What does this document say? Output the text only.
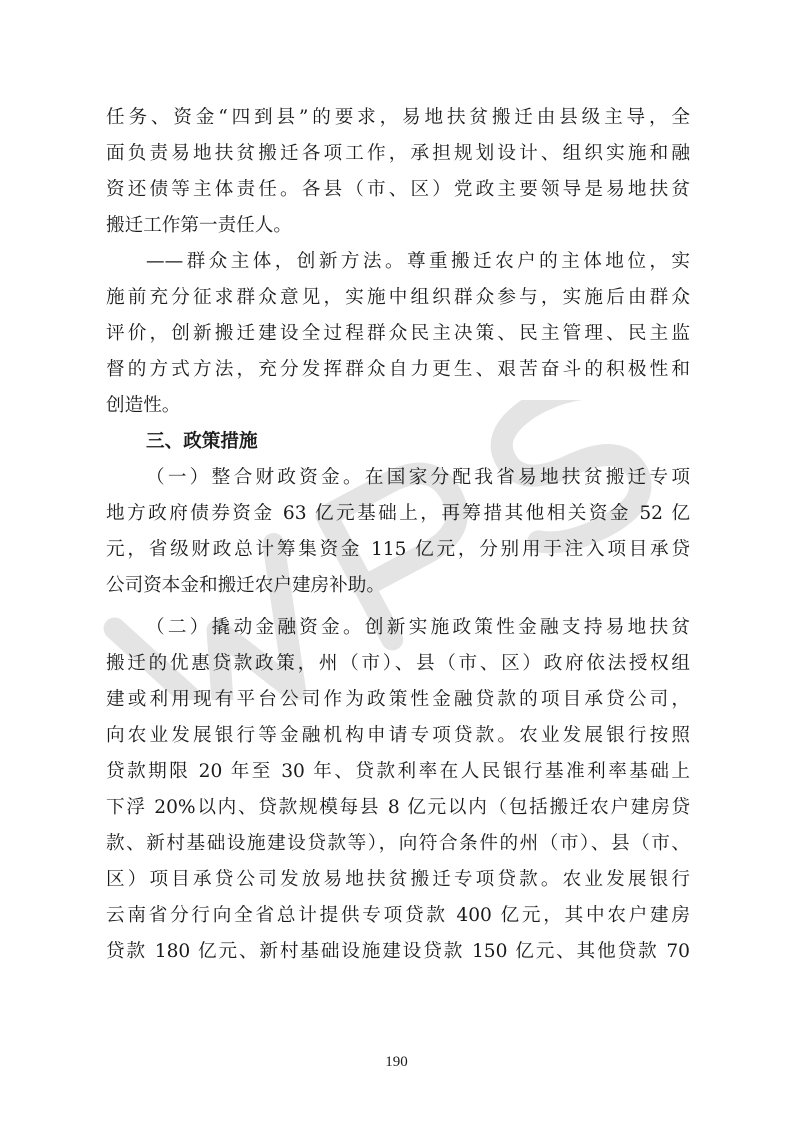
任务、资金“四到县”的要求，易地扶贫搬迁由县级主导，全
面负责易地扶贫搬迁各项工作，承担规划设计、组织实施和融
资还债等主体责任。各县（市、区）党政主要领导是易地扶贫
搬迁工作第一责任人。
——群众主体，创新方法。尊重搬迁农户的主体地位，实
施前充分征求群众意见，实施中组织群众参与，实施后由群众
评价，创新搬迁建设全过程群众民主决策、民主管理、民主监
督的方式方法，充分发挥群众自力更生、艰苦奋斗的积极性和
创造性。
三、政策措施
（一）整合财政资金。在国家分配我省易地扶贫搬迁专项
地方政府债券资金 63 亿元基础上，再筹措其他相关资金 52 亿
元，省级财政总计筹集资金 115 亿元，分别用于注入项目承贷
公司资本金和搬迁农户建房补助。
（二）撬动金融资金。创新实施政策性金融支持易地扶贫
搬迁的优惠贷款政策，州（市）、县（市、区）政府依法授权组
建或利用现有平台公司作为政策性金融贷款的项目承贷公司，
向农业发展银行等金融机构申请专项贷款。农业发展银行按照
贷款期限 20 年至 30 年、贷款利率在人民银行基准利率基础上
下浮 20%以内、贷款规模每县 8 亿元以内（包括搬迁农户建房贷
款、新村基础设施建设贷款等），向符合条件的州（市）、县（市、
区）项目承贷公司发放易地扶贫搬迁专项贷款。农业发展银行
云南省分行向全省总计提供专项贷款 400 亿元，其中农户建房
贷款 180 亿元、新村基础设施建设贷款 150 亿元、其他贷款 70
190
